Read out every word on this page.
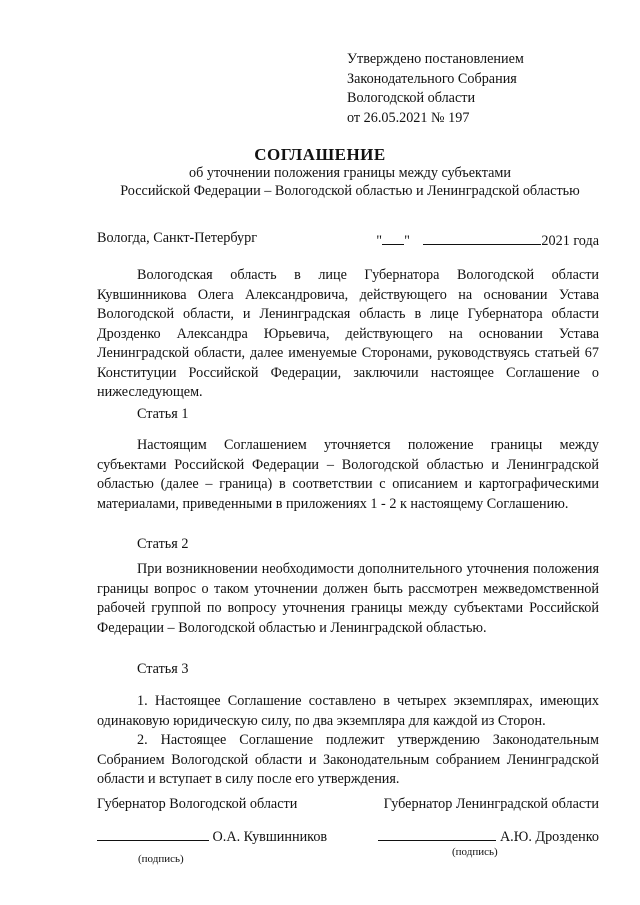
Утверждено постановлением
Законодательного Собрания
Вологодской области
от 26.05.2021 № 197
СОГЛАШЕНИЕ
об уточнении положения границы между субъектами
Российской Федерации – Вологодской областью и Ленинградской областью
Вологда, Санкт-Петербург	" "	2021 года

Вологодская область в лице Губернатора Вологодской области Кувшинникова Олега Александровича, действующего на основании Устава Вологодской области, и Ленинградская область в лице Губернатора области Дрозденко Александра Юрьевича, действующего на основании Устава Ленинградской области, далее именуемые Сторонами, руководствуясь статьей 67 Конституции Российской Федерации, заключили настоящее Соглашение о нижеследующем.

Статья 1

Настоящим Соглашением уточняется положение границы между субъектами Российской Федерации – Вологодской областью и Ленинградской областью (далее – граница) в соответствии с описанием и картографическими материалами, приведенными в приложениях 1 - 2 к настоящему Соглашению.

Статья 2

При возникновении необходимости дополнительного уточнения положения границы вопрос о таком уточнении должен быть рассмотрен межведомственной рабочей группой по вопросу уточнения границы между субъектами Российской Федерации – Вологодской областью и Ленинградской областью.

Статья 3

1. Настоящее Соглашение составлено в четырех экземплярах, имеющих одинаковую юридическую силу, по два экземпляра для каждой из Сторон.

2. Настоящее Соглашение подлежит утверждению Законодательным Собранием Вологодской области и Законодательным собранием Ленинградской области и вступает в силу после его утверждения.

Губернатор Вологодской области	Губернатор Ленинградской области
О.А. Кувшинников	А.Ю. Дрозденко
(подпись)
(подпись)
